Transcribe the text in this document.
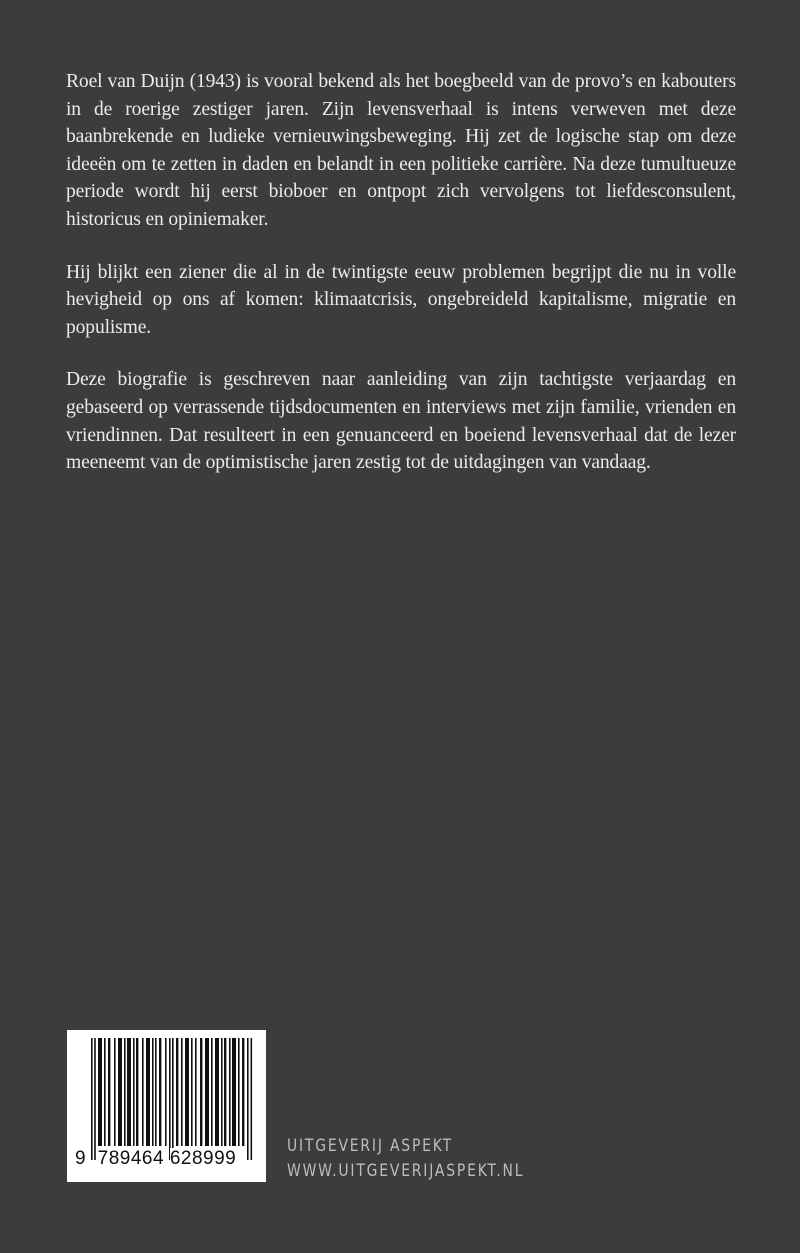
Roel van Duijn (1943) is vooral bekend als het boegbeeld van de provo’s en kabouters in de roerige zestiger jaren. Zijn levensverhaal is intens verweven met deze baanbrekende en ludieke vernieuwingsbeweging. Hij zet de logische stap om deze ideeën om te zetten in daden en belandt in een politieke carrière. Na deze tumultueuze periode wordt hij eerst bioboer en ontpopt zich vervolgens tot liefdesconsulent, historicus en opiniemaker.

Hij blijkt een ziener die al in de twintigste eeuw problemen begrijpt die nu in volle hevigheid op ons af komen: klimaatcrisis, ongebreideld kapitalisme, migratie en populisme.

Deze biografie is geschreven naar aanleiding van zijn tachtigste verjaardag en gebaseerd op verrassende tijdsdocumenten en interviews met zijn familie, vrienden en vriendinnen. Dat resulteert in een genuanceerd en boeiend levensverhaal dat de lezer meeneemt van de optimistische jaren zestig tot de uitdagingen van vandaag.

9 789464 628999
UITGEVERIJ ASPEKT
WWW.UITGEVERIJASPEKT.NL
